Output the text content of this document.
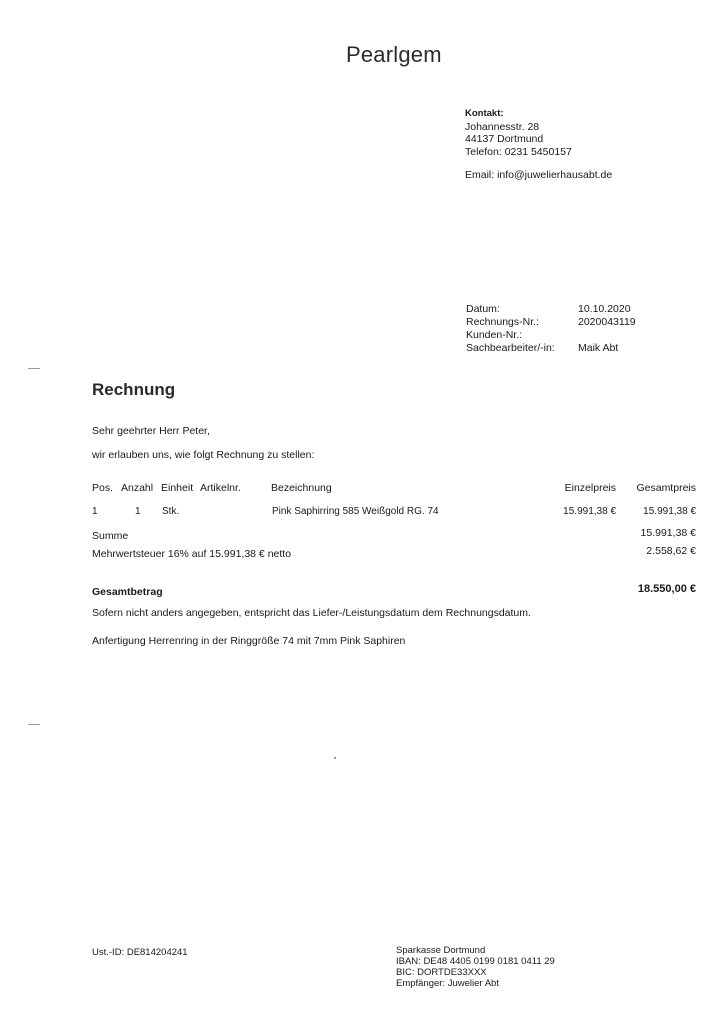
Pearlgem
Kontakt:
Johannesstr. 28
44137 Dortmund
Telefon: 0231 5450157
Email: info@juwelierhausabt.de
Datum:	10.10.2020
Rechnungs-Nr.:	2020043119
Kunden-Nr.:
Sachbearbeiter/-in:	Maik Abt
Rechnung
Sehr geehrter Herr Peter,
wir erlauben uns, wie folgt Rechnung zu stellen:
Pos. Anzahl Einheit Artikelnr.	Bezeichnung	Einzelpreis	Gesamtpreis
1	1 Stk.	Pink Saphirring 585 Weißgold RG. 74	15.991,38 €	15.991,38 €
Summe	15.991,38 €
Mehrwertsteuer 16% auf 15.991,38 € netto	2.558,62 €
Gesamtbetrag	18.550,00 €
Sofern nicht anders angegeben, entspricht das Liefer-/Leistungsdatum dem Rechnungsdatum.
Anfertigung Herrenring in der Ringgröße 74 mit 7mm Pink Saphiren
Ust.-ID: DE814204241	Sparkasse Dortmund
IBAN: DE48 4405 0199 0181 0411 29
BIC: DORTDE33XXX
Empfänger: Juwelier Abt
